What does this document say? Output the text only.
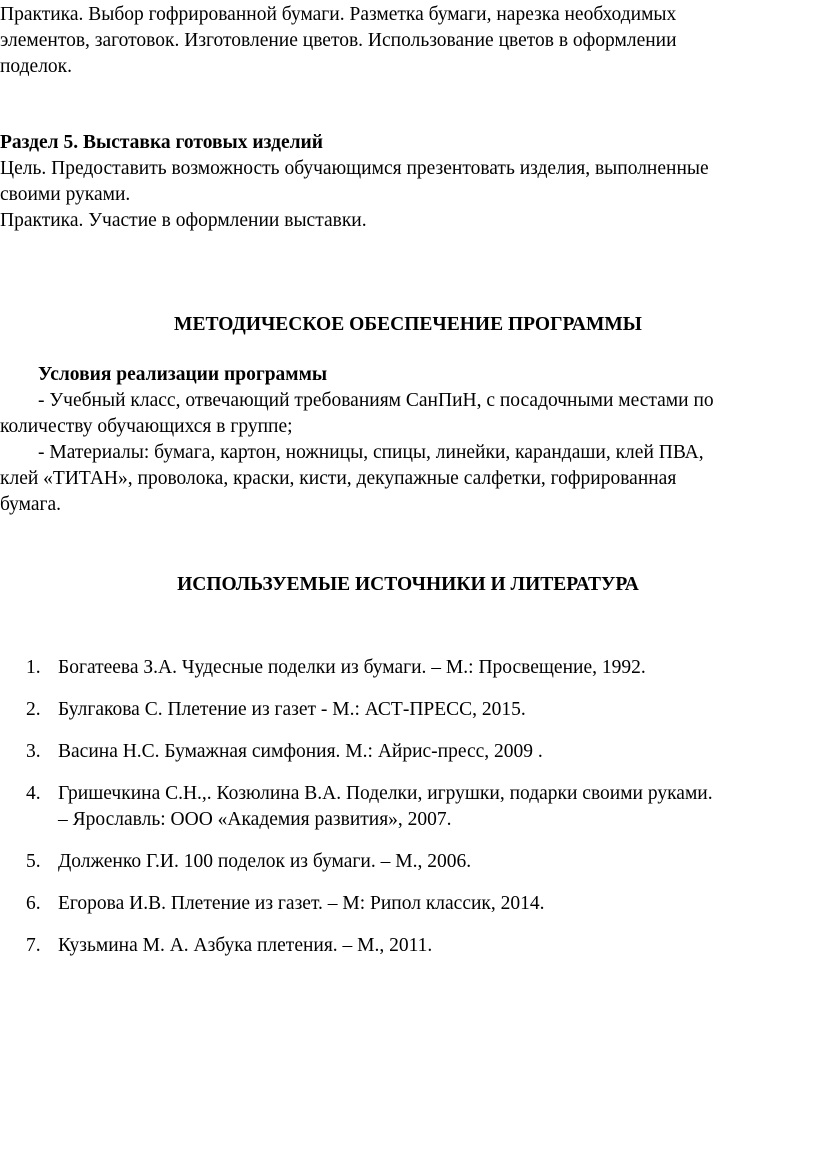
Практика. Выбор гофрированной бумаги. Разметка бумаги, нарезка необходимых

элементов, заготовок. Изготовление цветов. Использование цветов в оформлении

поделок.

Раздел 5. Выставка готовых изделий

Цель. Предоставить возможность обучающимся презентовать изделия, выполненные

своими руками.

Практика. Участие в оформлении выставки.

МЕТОДИЧЕСКОЕ ОБЕСПЕЧЕНИЕ ПРОГРАММЫ

Условия реализации программы

- Учебный класс, отвечающий требованиям СанПиН, с посадочными местами по

количеству обучающихся в группе;

- Материалы: бумага, картон, ножницы, спицы, линейки, карандаши, клей ПВА,

клей «ТИТАН», проволока, краски, кисти, декупажные салфетки, гофрированная

бумага.

ИСПОЛЬЗУЕМЫЕ ИСТОЧНИКИ И ЛИТЕРАТУРА

1. Богатеева З.А. Чудесные поделки из бумаги. – М.: Просвещение, 1992.
2. Булгакова С. Плетение из газет - М.: АСТ-ПРЕСС, 2015.
3. Васина Н.С. Бумажная симфония. М.: Айрис-пресс, 2009 .
4. Гришечкина С.Н.,. Козюлина В.А. Поделки, игрушки, подарки своими руками.
– Ярославль: ООО «Академия развития», 2007.
5. Долженко Г.И. 100 поделок из бумаги. – М., 2006.
6. Егорова И.В. Плетение из газет. – М: Рипол классик, 2014.
7. Кузьмина М. А. Азбука плетения. – М., 2011.
